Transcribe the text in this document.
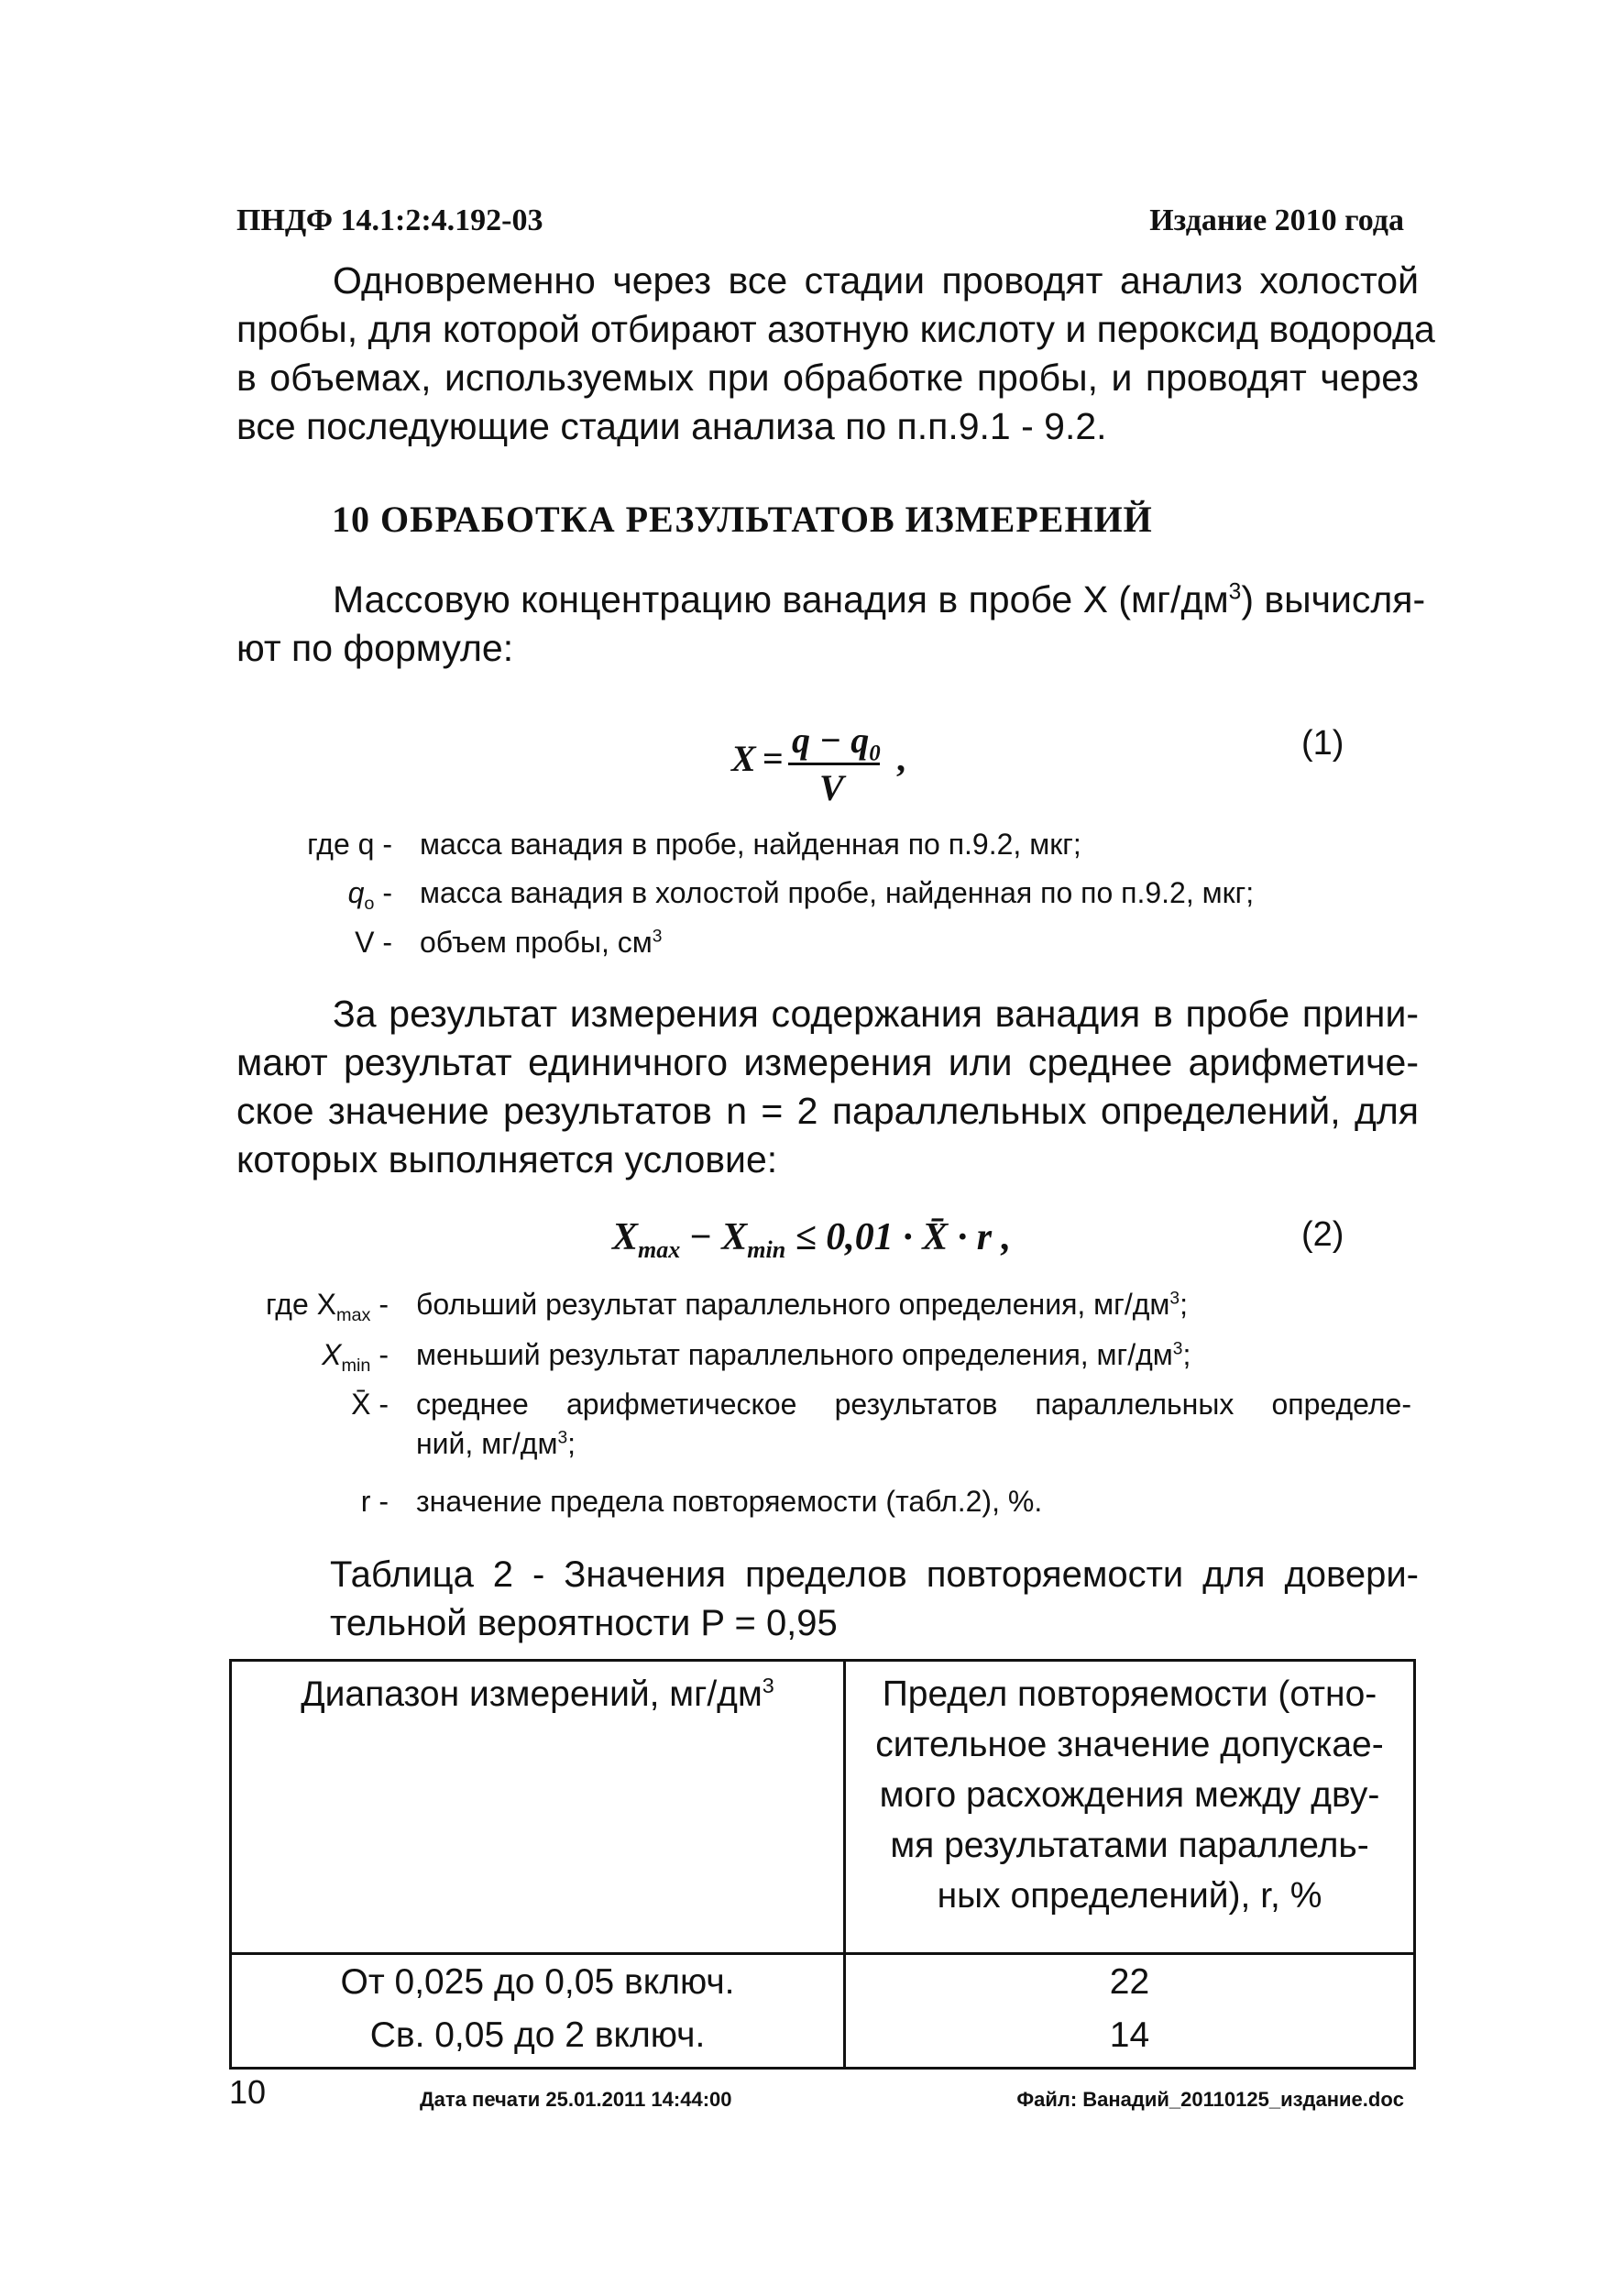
ПНДФ 14.1:2:4.192-03	Издание 2010 года
Одновременно через все стадии проводят анализ холостой
пробы, для которой отбирают азотную кислоту и пероксид водорода
в объемах, используемых при обработке пробы, и проводят через
все последующие стадии анализа по п.п.9.1 - 9.2.
10 ОБРАБОТКА РЕЗУЛЬТАТОВ ИЗМЕРЕНИЙ
Массовую концентрацию ванадия в пробе X $(мг/дм^3)$ вычисля-
ют по формуле:
$X = q - q_0$
V
,	(1)
где q - масса ванадия в пробе, найденная по п.9.2, мкг;
$q_о$ - масса ванадия в холостой пробе, найденная по по п.9.2, мкг;
V - объем пробы, $см^3$
За результат измерения содержания ванадия в пробе прини-
мают результат единичного измерения или среднее арифметиче-
ское значение результатов n = 2 параллельных определений, для
которых выполняется условие:
$X_{max} - X_{min} \le 0,01$ · X̄ · r ,	(2)
где $X_{max}$ - больший результат параллельного определения, $мг/дм^3$;
$X_{min}$ - меньший результат параллельного определения, $мг/дм^3$;
X̄ - среднее арифметическое результатов параллельных определе-
ний, $мг/дм^3$;
r - значение предела повторяемости (табл.2), %.
Таблица 2 - Значения пределов повторяемости для довери-
тельной вероятности P = 0,95
Диапазон измерений, $мг/дм^3$	Предел повторяемости (отно-
сительное значение допускае-
мого расхождения между дву-
мя результатами параллель-
ных определений), r, %

От 0,025 до 0,05 включ.	22
Св. 0,05 до 2 включ.	14
10	Дата печати 25.01.2011 14:44:00	Файл: Ванадий_20110125_издание.doc
